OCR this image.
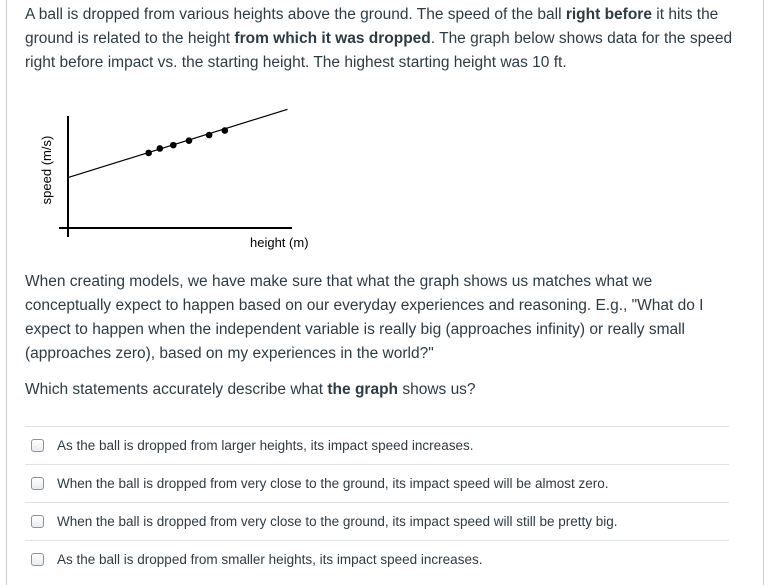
A ball is dropped from various heights above the ground. The speed of the ball right before it hits the ground is related to the height from which it was dropped. The graph below shows data for the speed right before impact vs. the starting height. The highest starting height was 10 ft.
speed (m/s)
height (m)
When creating models, we have make sure that what the graph shows us matches what we conceptually expect to happen based on our everyday experiences and reasoning. E.g., "What do I expect to happen when the independent variable is really big (approaches infinity) or really small (approaches zero), based on my experiences in the world?"
Which statements accurately describe what the graph shows us?
As the ball is dropped from larger heights, its impact speed increases.
When the ball is dropped from very close to the ground, its impact speed will be almost zero.
When the ball is dropped from very close to the ground, its impact speed will still be pretty big.
As the ball is dropped from smaller heights, its impact speed increases.
